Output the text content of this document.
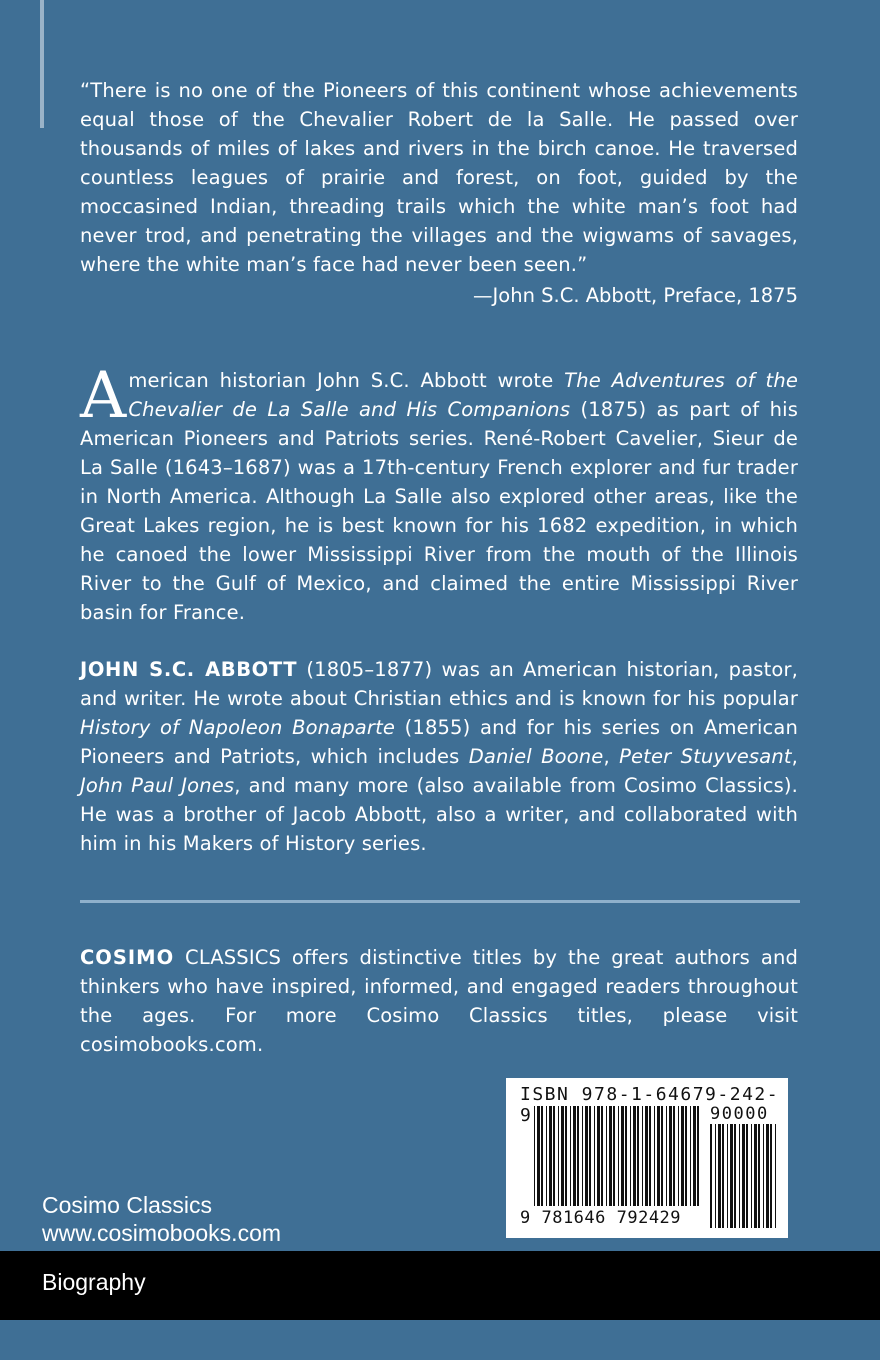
“There is no one of the Pioneers of this continent whose achievements equal those of the Chevalier Robert de la Salle. He passed over thousands of miles of lakes and rivers in the birch canoe. He traversed countless leagues of prairie and forest, on foot, guided by the moccasined Indian, threading trails which the white man’s foot had never trod, and penetrating the villages and the wigwams of savages, where the white man’s face had never been seen.”

—John S.C. Abbott, Preface, 1875

American historian John S.C. Abbott wrote The Adventures of the Chevalier de La Salle and His Companions (1875) as part of his American Pioneers and Patriots series. René-Robert Cavelier, Sieur de La Salle (1643–1687) was a 17th-century French explorer and fur trader in North America. Although La Salle also explored other areas, like the Great Lakes region, he is best known for his 1682 expedition, in which he canoed the lower Mississippi River from the mouth of the Illinois River to the Gulf of Mexico, and claimed the entire Mississippi River basin for France.

JOHN S.C. ABBOTT (1805–1877) was an American historian, pastor, and writer. He wrote about Christian ethics and is known for his popular History of Napoleon Bonaparte (1855) and for his series on American Pioneers and Patriots, which includes Daniel Boone, Peter Stuyvesant, John Paul Jones, and many more (also available from Cosimo Classics). He was a brother of Jacob Abbott, also a writer, and collaborated with him in his Makers of History series.

COSIMO CLASSICS offers distinctive titles by the great authors and thinkers who have inspired, informed, and engaged readers throughout the ages. For more Cosimo Classics titles, please visit cosimobooks.com.

ISBN 978-1-64679-242-9	90000
9 781646 792429
Cosimo Classics
www.cosimobooks.com
Biography
